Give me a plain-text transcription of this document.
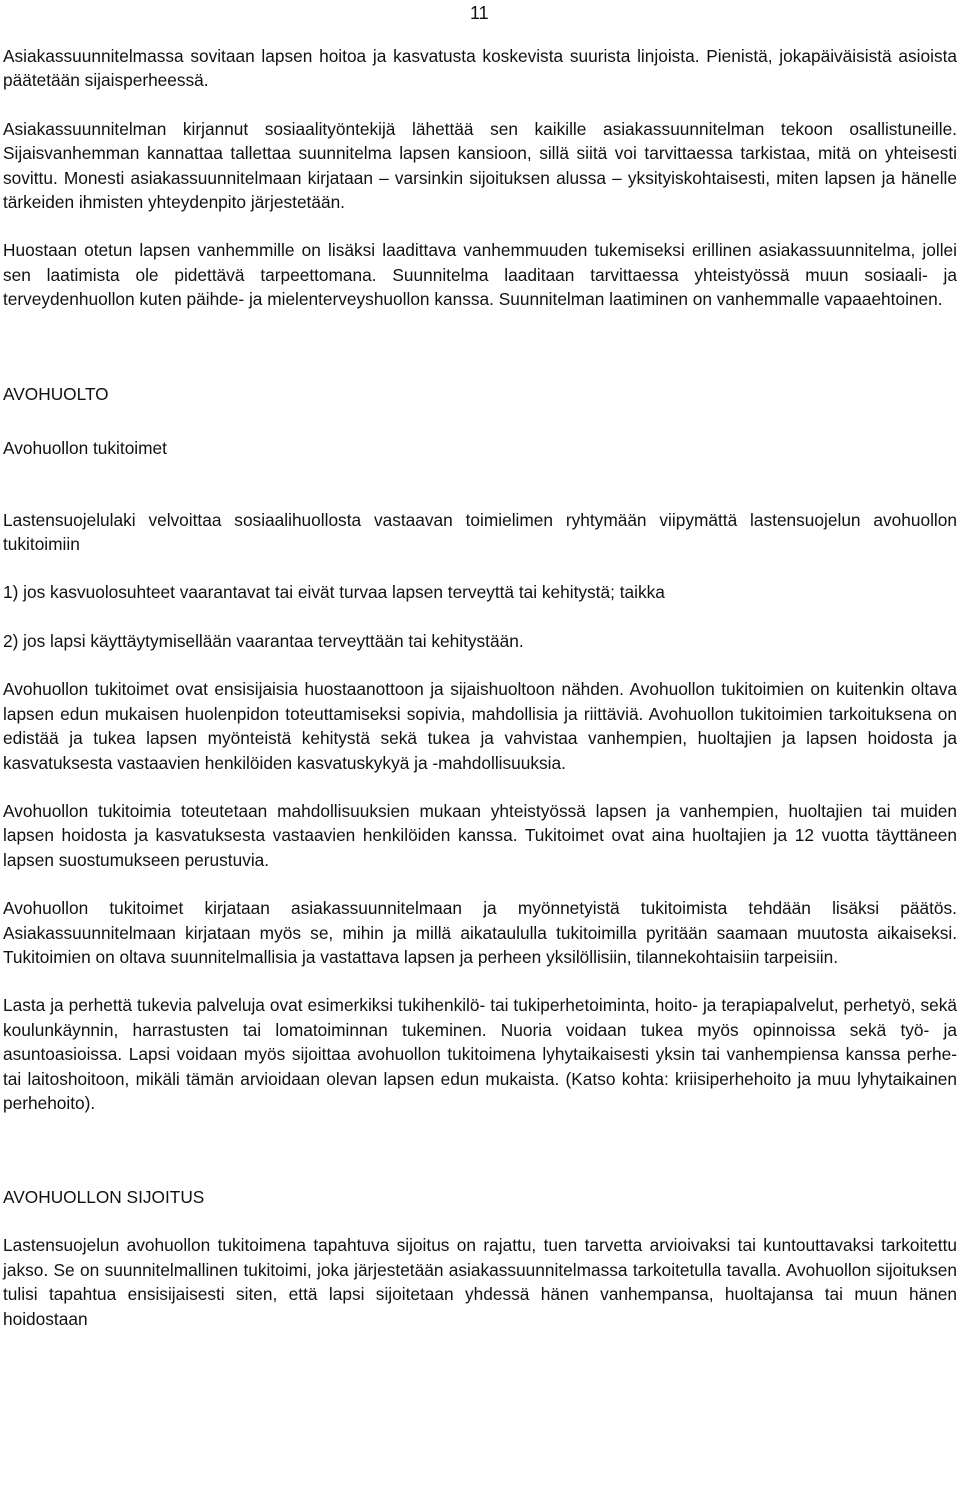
11

Asiakassuunnitelmassa sovitaan lapsen hoitoa ja kasvatusta koskevista suurista linjoista. Pienistä, jokapäiväisistä asioista päätetään sijaisperheessä.

Asiakassuunnitelman kirjannut sosiaalityöntekijä lähettää sen kaikille asiakassuunnitelman tekoon osallistuneille. Sijaisvanhemman kannattaa tallettaa suunnitelma lapsen kansioon, sillä siitä voi tarvittaessa tarkistaa, mitä on yhteisesti sovittu. Monesti asiakassuunnitelmaan kirjataan – varsinkin sijoituksen alussa – yksityiskohtaisesti, miten lapsen ja hänelle tärkeiden ihmisten yhteydenpito järjestetään.

Huostaan otetun lapsen vanhemmille on lisäksi laadittava vanhemmuuden tukemiseksi erillinen asiakassuunnitelma, jollei sen laatimista ole pidettävä tarpeettomana. Suunnitelma laaditaan tarvittaessa yhteistyössä muun sosiaali- ja terveydenhuollon kuten päihde- ja mielenterveyshuollon kanssa. Suunnitelman laatiminen on vanhemmalle vapaaehtoinen.

AVOHUOLTO
Avohuollon tukitoimet

Lastensuojelulaki velvoittaa sosiaalihuollosta vastaavan toimielimen ryhtymään viipymättä lastensuojelun avohuollon tukitoimiin

1) jos kasvuolosuhteet vaarantavat tai eivät turvaa lapsen terveyttä tai kehitystä; taikka

2) jos lapsi käyttäytymisellään vaarantaa terveyttään tai kehitystään.

Avohuollon tukitoimet ovat ensisijaisia huostaanottoon ja sijaishuoltoon nähden. Avohuollon tukitoimien on kuitenkin oltava lapsen edun mukaisen huolenpidon toteuttamiseksi sopivia, mahdollisia ja riittäviä. Avohuollon tukitoimien tarkoituksena on edistää ja tukea lapsen myönteistä kehitystä sekä tukea ja vahvistaa vanhempien, huoltajien ja lapsen hoidosta ja kasvatuksesta vastaavien henkilöiden kasvatuskykyä ja -mahdollisuuksia.

Avohuollon tukitoimia toteutetaan mahdollisuuksien mukaan yhteistyössä lapsen ja vanhempien, huoltajien tai muiden lapsen hoidosta ja kasvatuksesta vastaavien henkilöiden kanssa. Tukitoimet ovat aina huoltajien ja 12 vuotta täyttäneen lapsen suostumukseen perustuvia.

Avohuollon tukitoimet kirjataan asiakassuunnitelmaan ja myönnetyistä tukitoimista tehdään lisäksi päätös. Asiakassuunnitelmaan kirjataan myös se, mihin ja millä aikataululla tukitoimilla pyritään saamaan muutosta aikaiseksi. Tukitoimien on oltava suunnitelmallisia ja vastattava lapsen ja perheen yksilöllisiin, tilannekohtaisiin tarpeisiin.

Lasta ja perhettä tukevia palveluja ovat esimerkiksi tukihenkilö- tai tukiperhetoiminta, hoito- ja terapiapalvelut, perhetyö, sekä koulunkäynnin, harrastusten tai lomatoiminnan tukeminen. Nuoria voidaan tukea myös opinnoissa sekä työ- ja asuntoasioissa. Lapsi voidaan myös sijoittaa avohuollon tukitoimena lyhytaikaisesti yksin tai vanhempiensa kanssa perhe- tai laitoshoitoon, mikäli tämän arvioidaan olevan lapsen edun mukaista. (Katso kohta: kriisiperhehoito ja muu lyhytaikainen perhehoito).

AVOHUOLLON SIJOITUS

Lastensuojelun avohuollon tukitoimena tapahtuva sijoitus on rajattu, tuen tarvetta arvioivaksi tai kuntouttavaksi tarkoitettu jakso. Se on suunnitelmallinen tukitoimi, joka järjestetään asiakassuunnitelmassa tarkoitetulla tavalla. Avohuollon sijoituksen tulisi tapahtua ensisijaisesti siten, että lapsi sijoitetaan yhdessä hänen vanhempansa, huoltajansa tai muun hänen hoidostaan
